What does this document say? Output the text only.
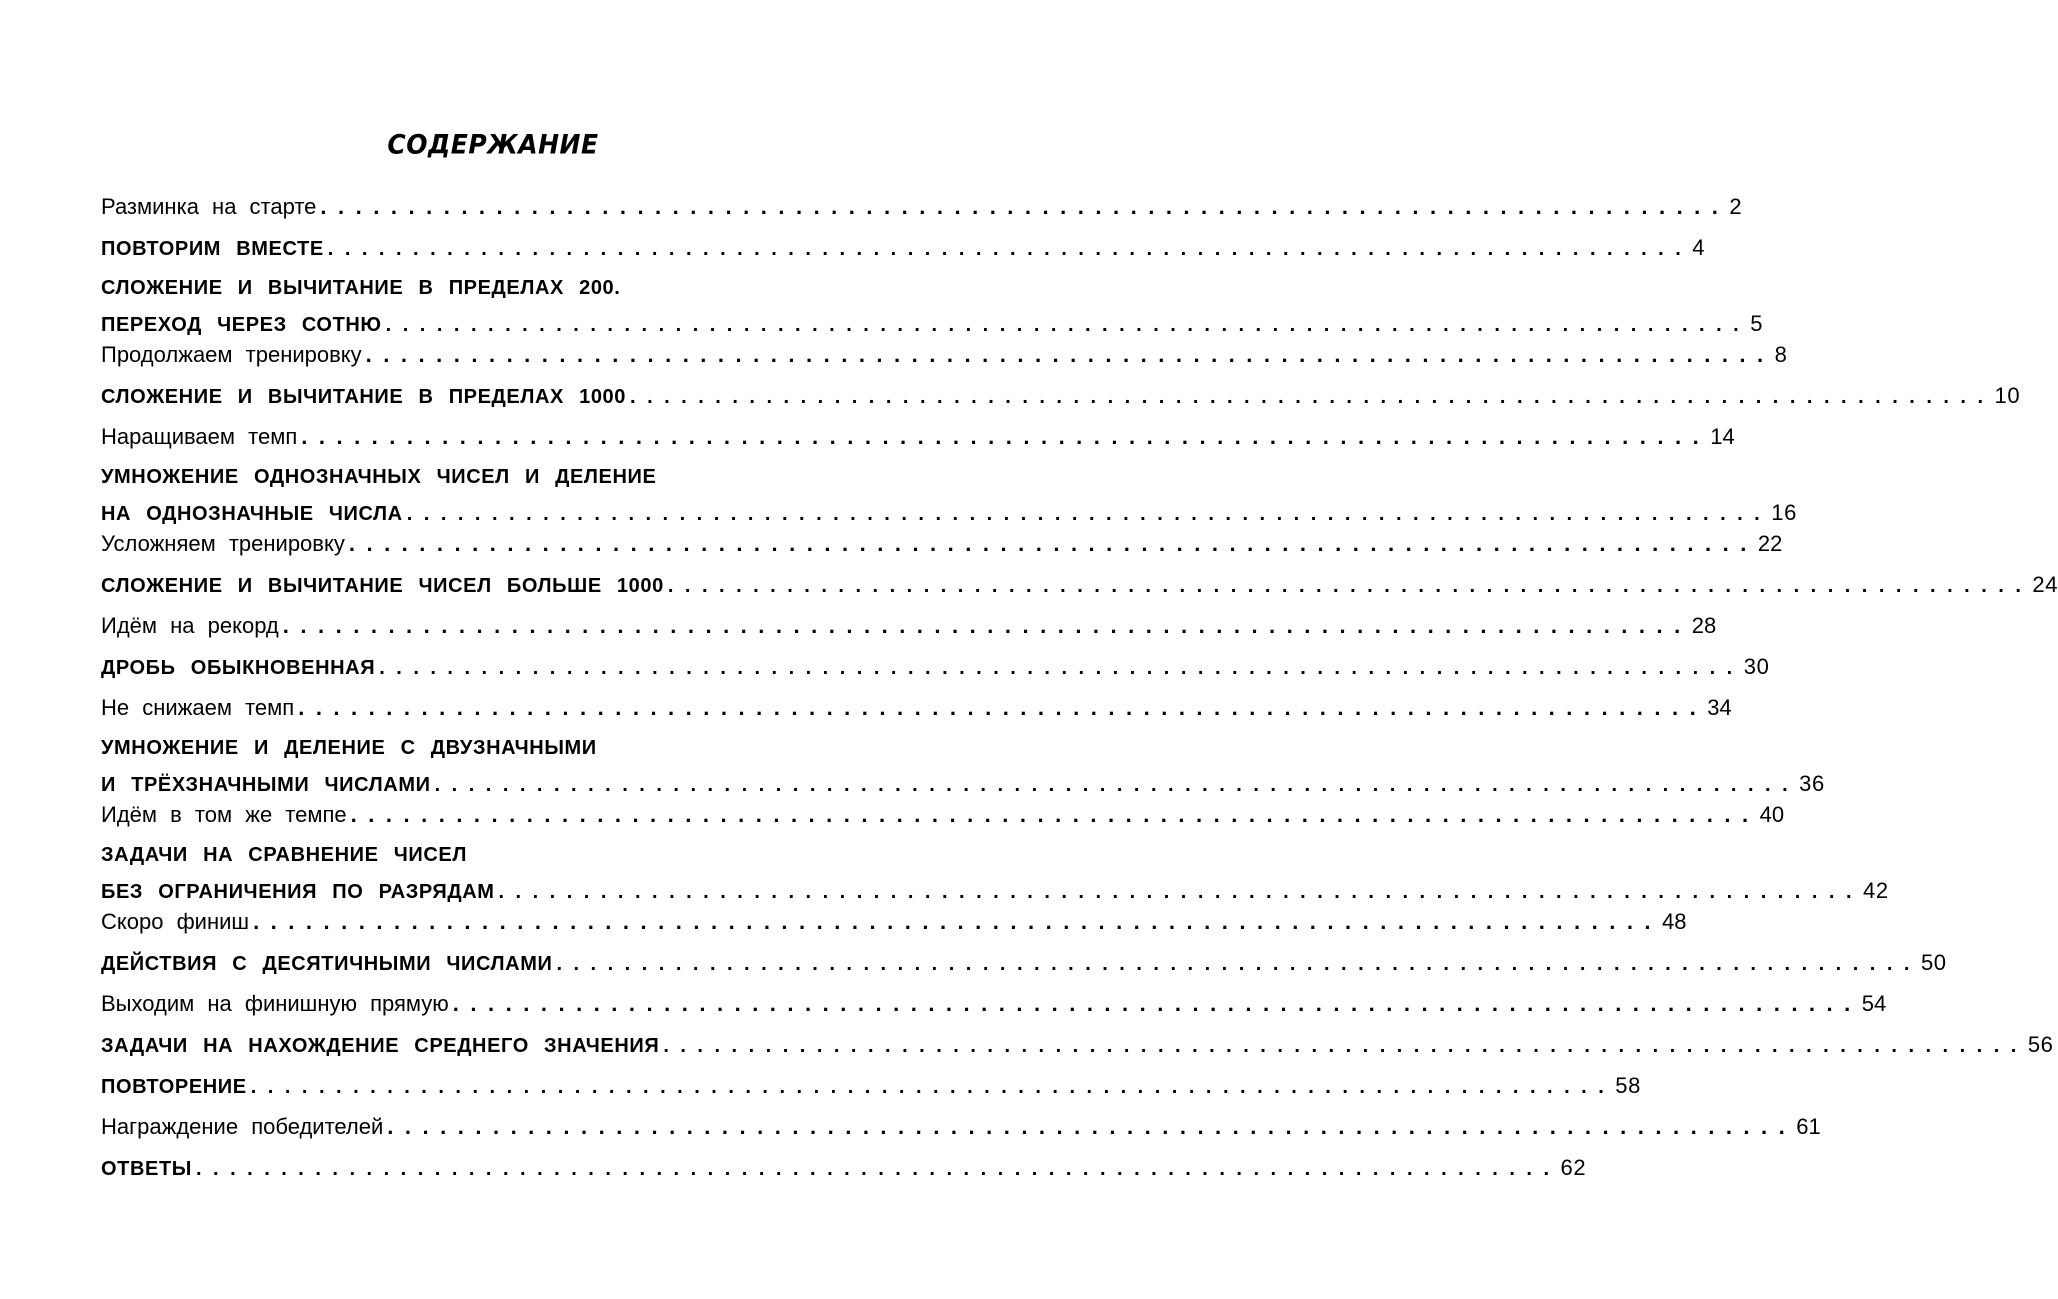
СОДЕРЖАНИЕ
Разминка на старте ................................................................................ 2
ПОВТОРИМ ВМЕСТЕ ................................................................................ 4
СЛОЖЕНИЕ И ВЫЧИТАНИЕ В ПРЕДЕЛАХ 200.
ПЕРЕХОД ЧЕРЕЗ СОТНЮ ................................................................................ 5
Продолжаем тренировку ................................................................................ 8
СЛОЖЕНИЕ И ВЫЧИТАНИЕ В ПРЕДЕЛАХ 1000 ................................................................................ 10
Наращиваем темп ................................................................................ 14
УМНОЖЕНИЕ ОДНОЗНАЧНЫХ ЧИСЕЛ И ДЕЛЕНИЕ
НА ОДНОЗНАЧНЫЕ ЧИСЛА ................................................................................ 16
Усложняем тренировку ................................................................................ 22
СЛОЖЕНИЕ И ВЫЧИТАНИЕ ЧИСЕЛ БОЛЬШЕ 1000 ................................................................................ 24
Идём на рекорд ................................................................................ 28
ДРОБЬ ОБЫКНОВЕННАЯ ................................................................................ 30
Не снижаем темп ................................................................................ 34
УМНОЖЕНИЕ И ДЕЛЕНИЕ С ДВУЗНАЧНЫМИ
И ТРЁХЗНАЧНЫМИ ЧИСЛАМИ ................................................................................ 36
Идём в том же темпе ................................................................................ 40
ЗАДАЧИ НА СРАВНЕНИЕ ЧИСЕЛ
БЕЗ ОГРАНИЧЕНИЯ ПО РАЗРЯДАМ ................................................................................ 42
Скоро финиш ................................................................................ 48
ДЕЙСТВИЯ С ДЕСЯТИЧНЫМИ ЧИСЛАМИ ................................................................................ 50
Выходим на финишную прямую ................................................................................ 54
ЗАДАЧИ НА НАХОЖДЕНИЕ СРЕДНЕГО ЗНАЧЕНИЯ ................................................................................ 56
ПОВТОРЕНИЕ ................................................................................ 58
Награждение победителей ................................................................................ 61
ОТВЕТЫ ................................................................................ 62
